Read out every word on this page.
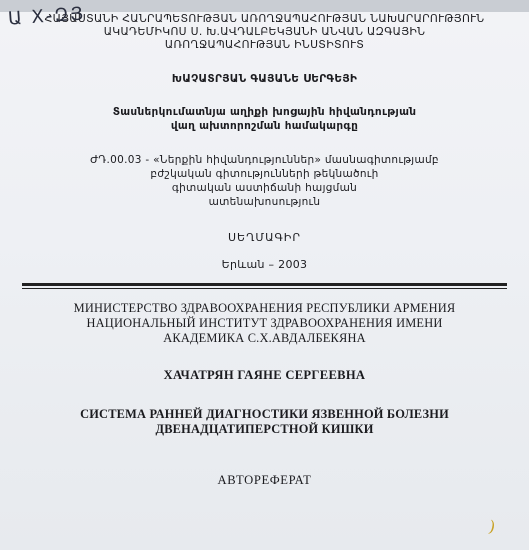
Ա Χ-ԶՅ
ՀԱՅԱՍՏԱՆԻ ՀԱՆՐԱՊԵՏՈՒԹՅԱՆ ԱՌՈՂՋԱՊԱՀՈՒԹՅԱՆ ՆԱԽԱՐԱՐՈՒԹՅՈՒՆ
ԱԿԱԴԵՄԻԿՈՍ Ս. Խ.ԱՎԴԱԼԲԵԿՅԱՆԻ ԱՆՎԱՆ ԱԶԳԱՅԻՆ
ԱՌՈՂՋԱՊԱՀՈՒԹՅԱՆ ԻՆՍՏԻՏՈՒՏ
ԽԱՉԱՏՐՅԱՆ ԳԱՅԱՆԵ ՍԵՐԳԵՅԻ
Տասներկումատնյա աղիքի խոցային հիվանդության
վաղ ախտորոշման համակարգը
ԺԴ.00.03 - «Ներքին հիվանդություններ» մասնագիտությամբ
բժշկական գիտությունների թեկնածուի
գիտական աստիճանի հայցման
ատենախոսություն
ՍԵՂՄԱԳԻՐ
Երևան – 2003
МИНИСТЕРСТВО ЗДРАВООХРАНЕНИЯ РЕСПУБЛИКИ АРМЕНИЯ
НАЦИОНАЛЬНЫЙ ИНСТИТУТ ЗДРАВООХРАНЕНИЯ ИМЕНИ
АКАДЕМИКА С.Х.АВДАЛБЕКЯНА
ХАЧАТРЯН ГАЯНЕ СЕРГЕЕВНА
СИСТЕМА РАННЕЙ ДИАГНОСТИКИ ЯЗВЕННОЙ БОЛЕЗНИ
ДВЕНАДЦАТИПЕРСТНОЙ КИШКИ
АВТОРЕФЕРАТ
)
